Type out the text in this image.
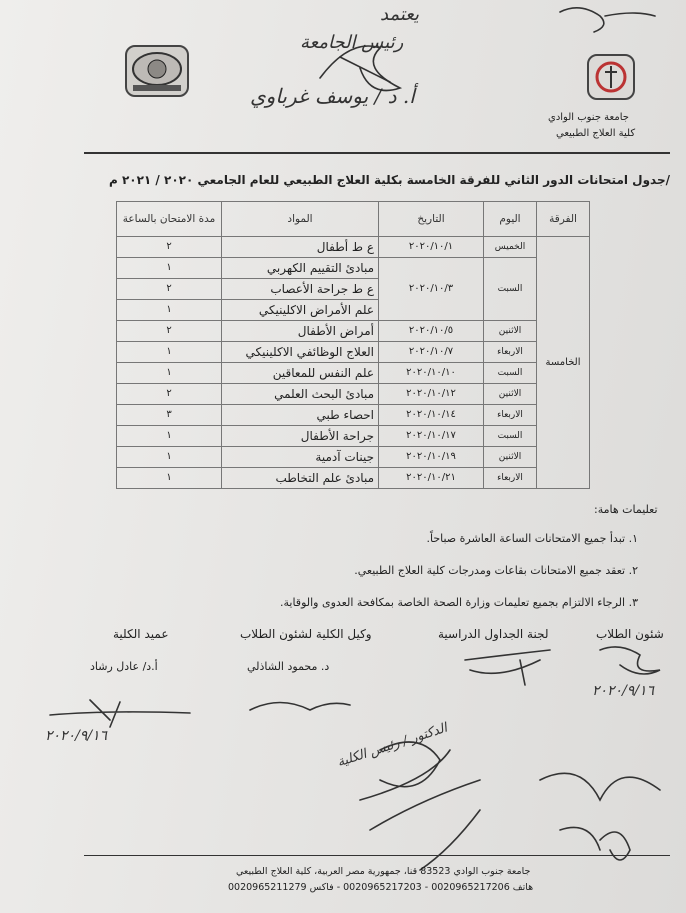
يعتمد
رئيس الجامعة
أ. د / يوسف غرباوي
جامعة جنوب الوادي
كلية العلاج الطبيعي
/جدول امتحانات الدور الثاني للفرقة الخامسة بكلية العلاج الطبيعي للعام الجامعي ٢٠٢٠ / ٢٠٢١ م
الفرقة	اليوم	التاريخ	المواد	مدة الامتحان بالساعة
الخامسة	الخميس	٢٠٢٠/١٠/١	ع ط أطفال	٢
	السبت	٢٠٢٠/١٠/٣	مبادئ التقييم الكهربي	١
			ع ط جراحة الأعصاب	٢
			علم الأمراض الاكلينيكي	١
	الاثنين	٢٠٢٠/١٠/٥	أمراض الأطفال	٢
	الاربعاء	٢٠٢٠/١٠/٧	العلاج الوظائفي الاكلينيكي	١
	السبت	٢٠٢٠/١٠/١٠	علم النفس للمعاقين	١
	الاثنين	٢٠٢٠/١٠/١٢	مبادئ البحث العلمي	٢
	الاربعاء	٢٠٢٠/١٠/١٤	احصاء طبي	٣
	السبت	٢٠٢٠/١٠/١٧	جراحة الأطفال	١
	الاثنين	٢٠٢٠/١٠/١٩	جينات آدمية	١
	الاربعاء	٢٠٢٠/١٠/٢١	مبادئ علم التخاطب	١
تعليمات هامة:
١. تبدأ جميع الامتحانات الساعة العاشرة صباحاً.
٢. تعقد جميع الامتحانات بقاعات ومدرجات كلية العلاج الطبيعي.
٣. الرجاء الالتزام بجميع تعليمات وزارة الصحة الخاصة بمكافحة العدوى والوقاية.
شئون الطلاب
لجنة الجداول الدراسية
وكيل الكلية لشئون الطلاب
عميد الكلية
د. محمود الشاذلي
أ.د/ عادل رشاد
٢٠٢٠/٩/١٦
٢٠٢٠/٩/١٦	الدكتور / رئيس الكلية
جامعة جنوب الوادي 83523 قنا، جمهورية مصر العربية، كلية العلاج الطبيعي
هاتف 0020965217206 - 0020965217203 - فاكس 0020965211279
